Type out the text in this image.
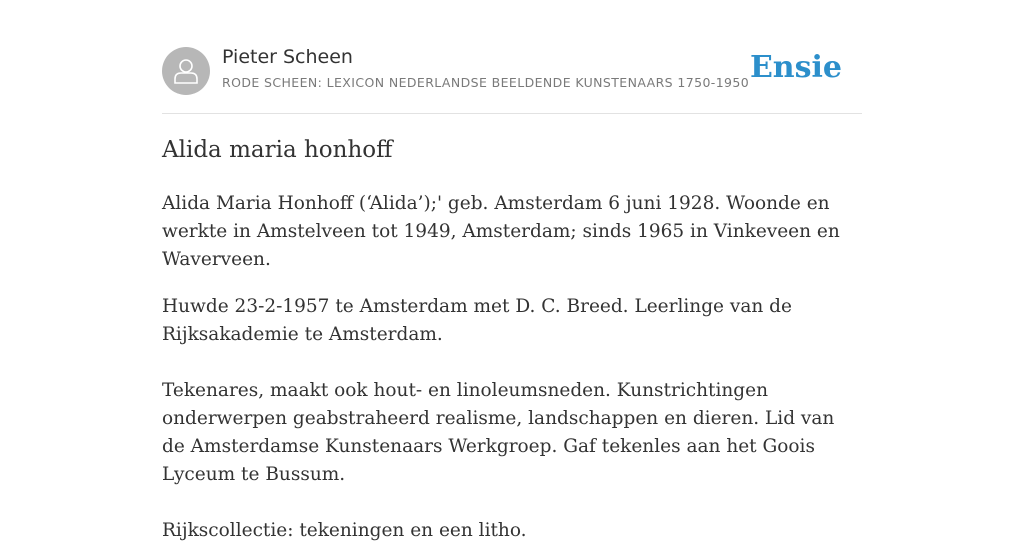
Pieter Scheen
RODE SCHEEN: LEXICON NEDERLANDSE BEELDENDE KUNSTENAARS 1750-1950 Ensie
Alida maria honhoff

Alida Maria Honhoff (‘Alida’);' geb. Amsterdam 6 juni 1928. Woonde en werkte in Amstelveen tot 1949, Amsterdam; sinds 1965 in Vinkeveen en Waverveen.

Huwde 23-2-1957 te Amsterdam met D. C. Breed. Leerlinge van de Rijksakademie te Amsterdam.

Tekenares, maakt ook hout- en linoleumsneden. Kunstrichtingen onderwerpen geabstraheerd realisme, landschappen en dieren. Lid van de Amsterdamse Kunstenaars Werkgroep. Gaf tekenles aan het Goois Lyceum te Bussum.

Rijkscollectie: tekeningen en een litho.
